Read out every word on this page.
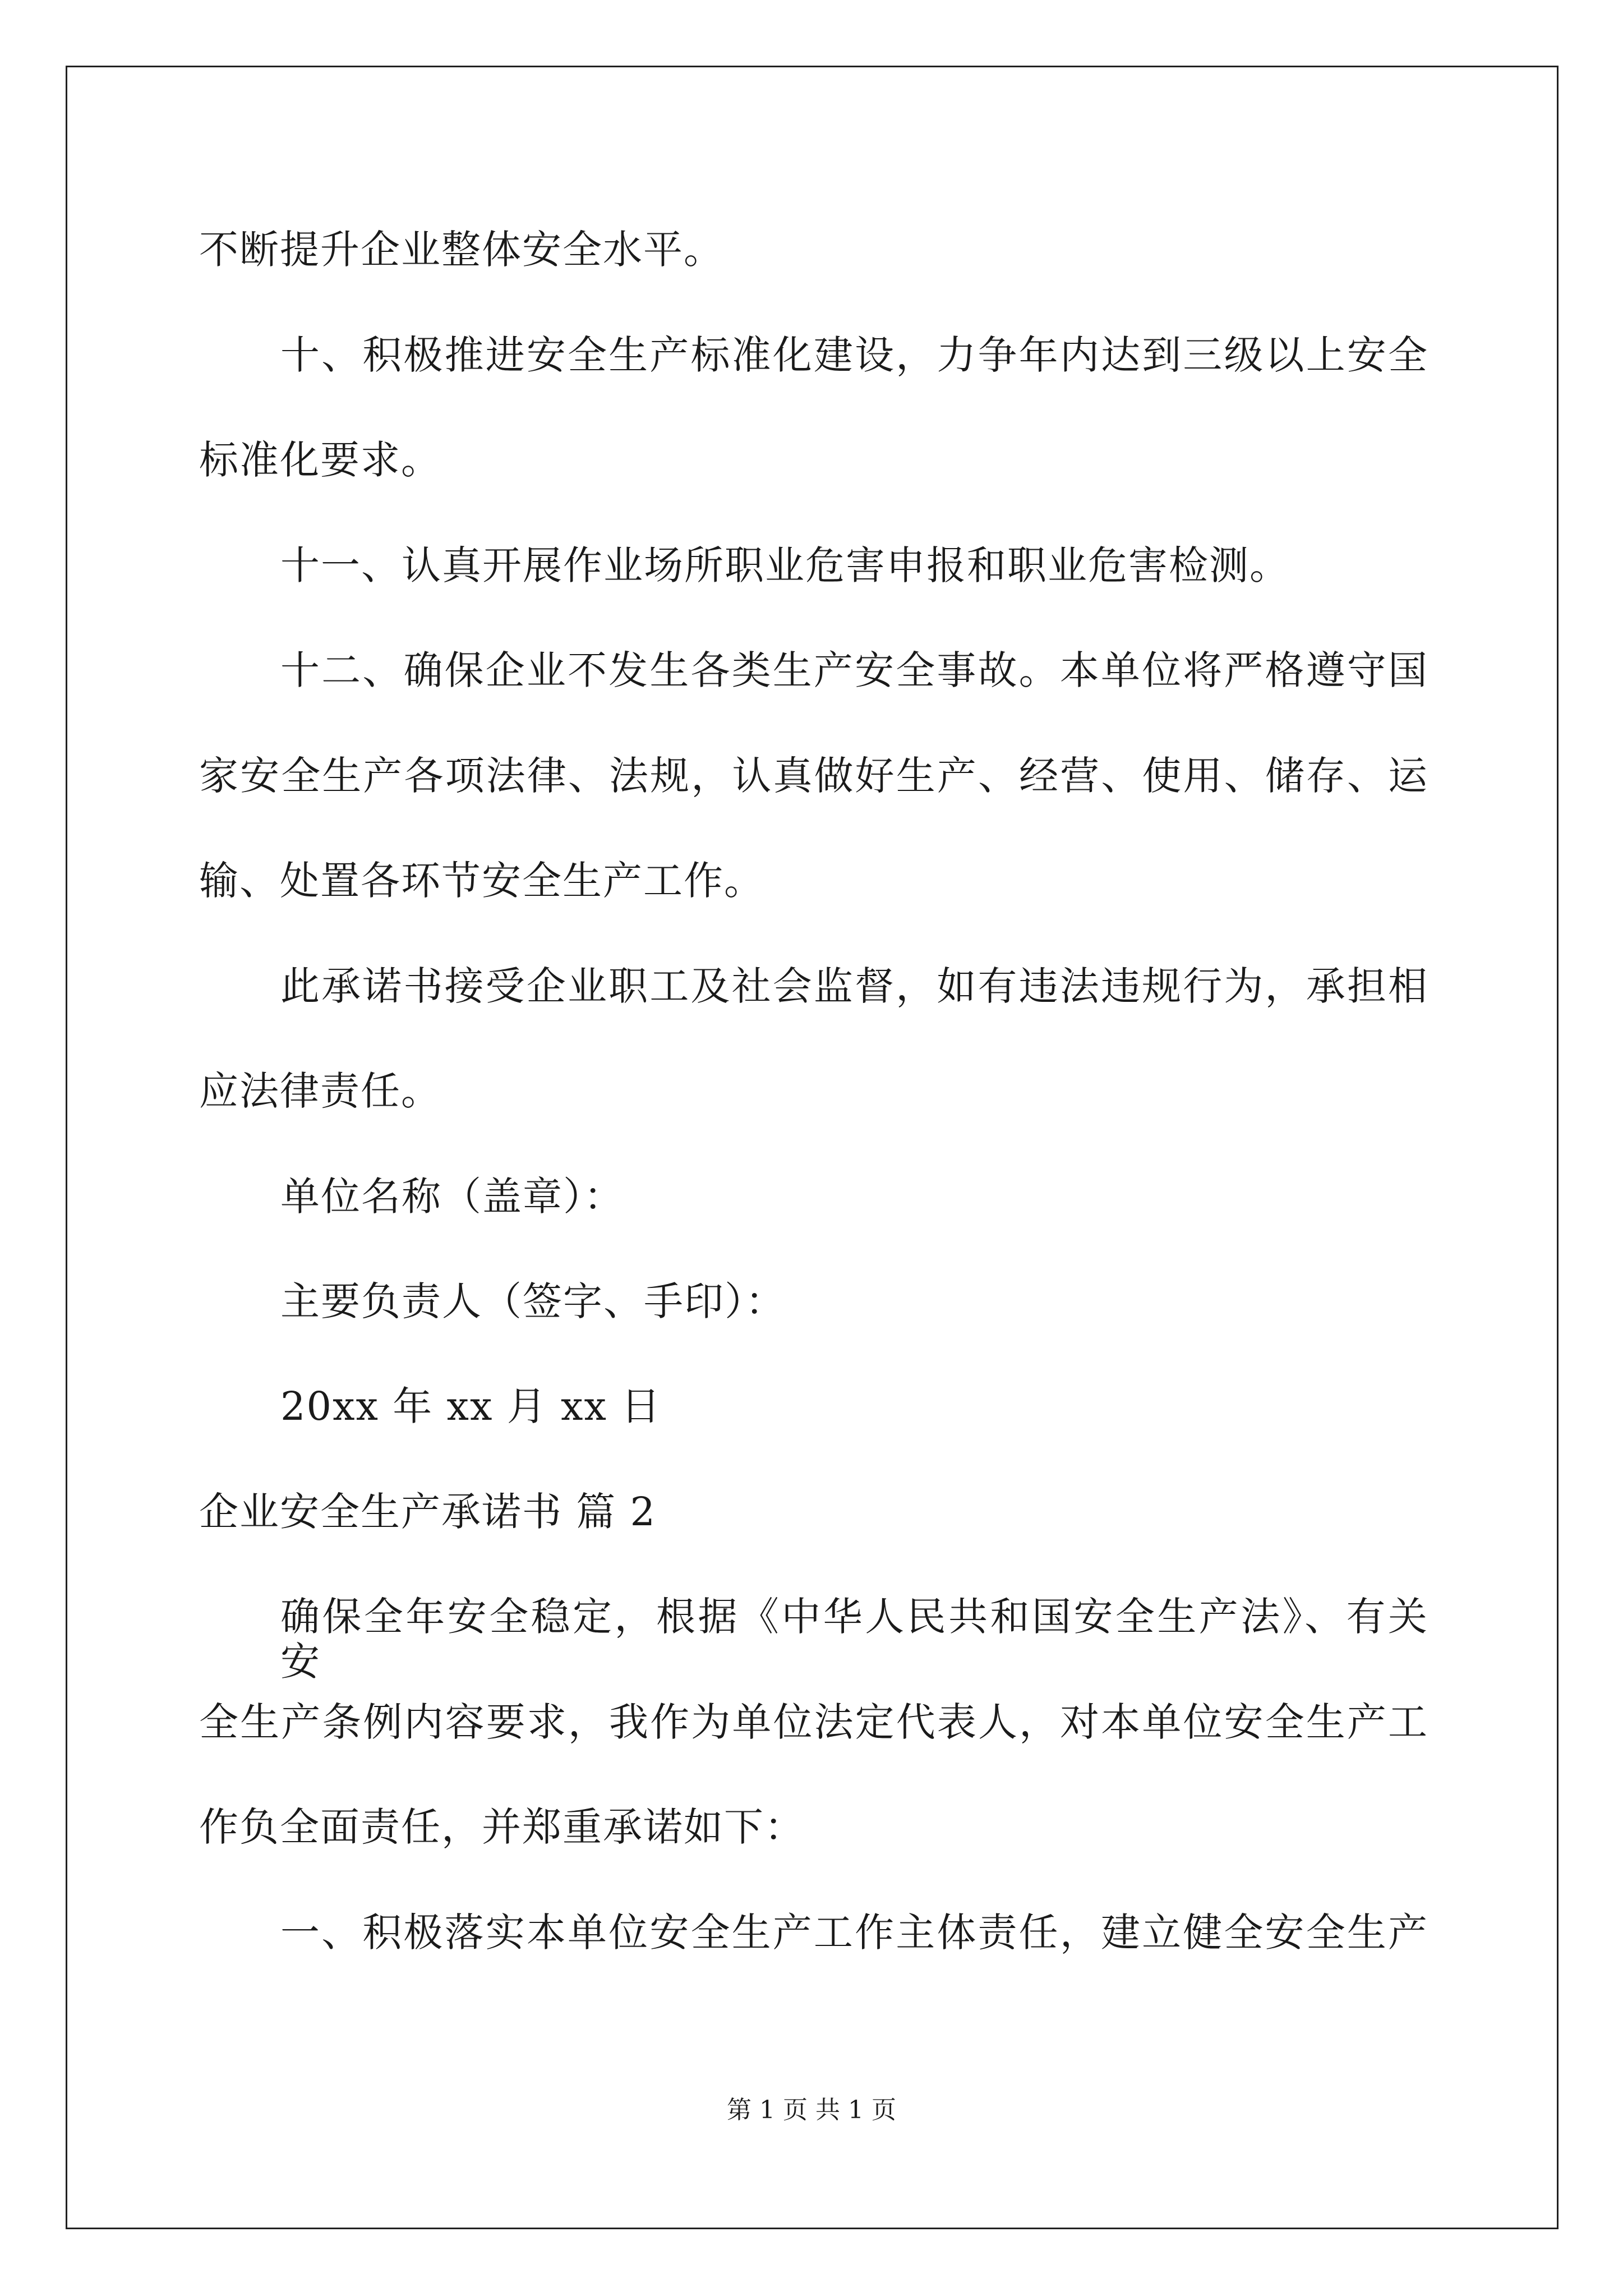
不断提升企业整体安全水平。
十、积极推进安全生产标准化建设，力争年内达到三级以上安全
标准化要求。
十一、认真开展作业场所职业危害申报和职业危害检测。
十二、确保企业不发生各类生产安全事故。本单位将严格遵守国
家安全生产各项法律、法规，认真做好生产、经营、使用、储存、运
输、处置各环节安全生产工作。
此承诺书接受企业职工及社会监督，如有违法违规行为，承担相
应法律责任。
单位名称（盖章）：
主要负责人（签字、手印）：
20xx 年 xx 月 xx 日
企业安全生产承诺书 篇 2
确保全年安全稳定，根据《中华人民共和国安全生产法》、有关安
全生产条例内容要求，我作为单位法定代表人，对本单位安全生产工
作负全面责任，并郑重承诺如下：
一、积极落实本单位安全生产工作主体责任，建立健全安全生产
第 1 页 共 1 页
